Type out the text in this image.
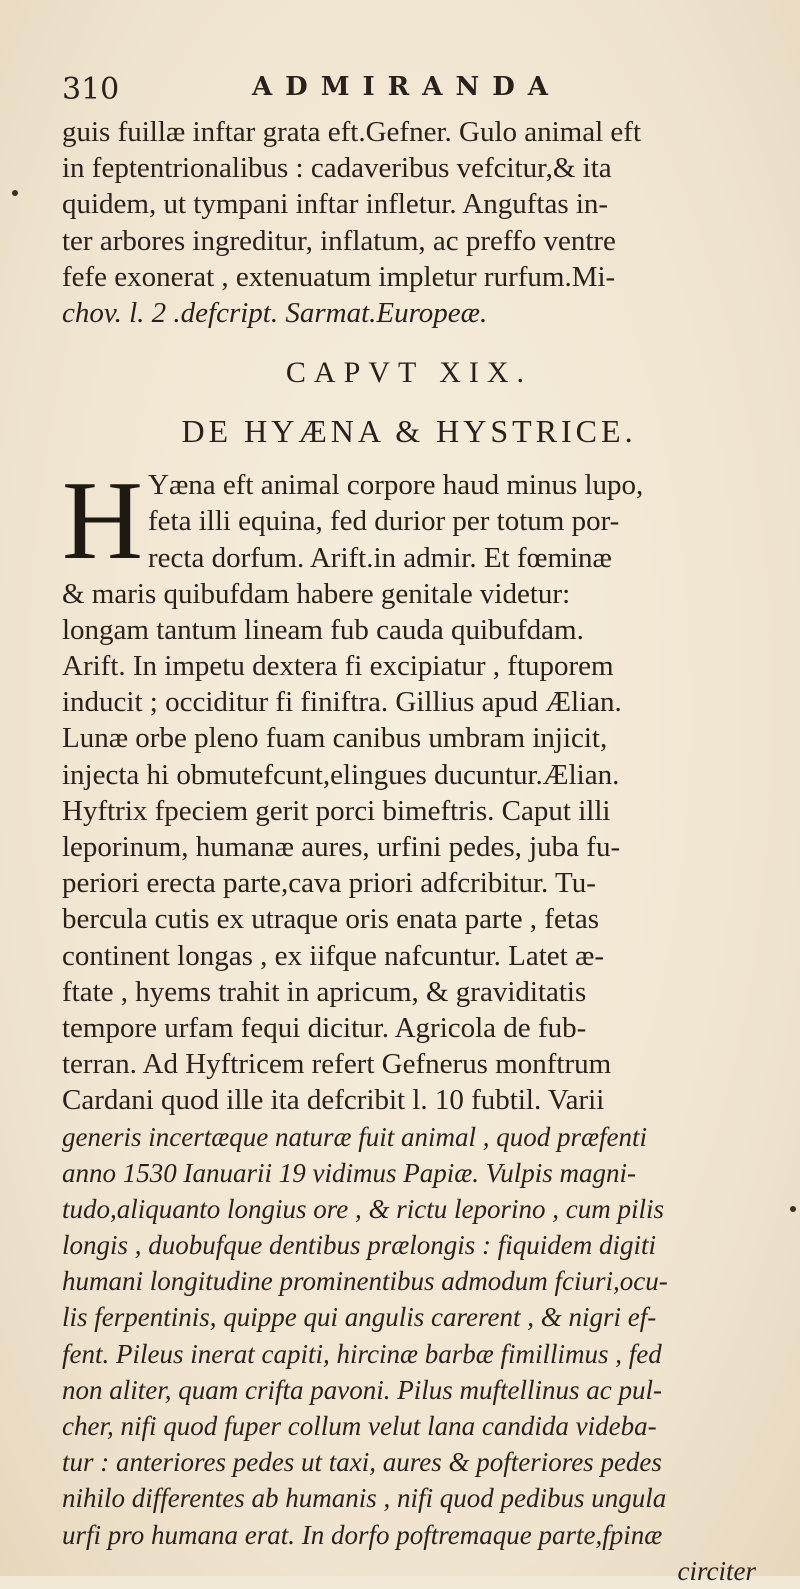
310	ADMIRANDA
guis fuillæ inftar grata eft.Gefner. Gulo animal eft
in feptentrionalibus : cadaveribus vefcitur,& ita
quidem, ut tympani inftar infletur. Anguftas in-
ter arbores ingreditur, inflatum, ac preffo ventre
fefe exonerat , extenuatum impletur rurfum.Mi-
chov. l. 2 .defcript. Sarmat.Europeæ.
CAPVT XIX.
DE HYÆNA & HYSTRICE.
H Yæna eft animal corpore haud minus lupo,
feta illi equina, fed durior per totum por-
recta dorfum. Arift.in admir. Et fœminæ
& maris quibufdam habere genitale videtur:
longam tantum lineam fub cauda quibufdam.
Arift. In impetu dextera fi excipiatur , ftuporem
inducit ; occiditur fi finiftra. Gillius apud Ælian.
Lunæ orbe pleno fuam canibus umbram injicit,
injecta hi obmutefcunt,elingues ducuntur.Ælian.
Hyftrix fpeciem gerit porci bimeftris. Caput illi
leporinum, humanæ aures, urfini pedes, juba fu-
periori erecta parte,cava priori adfcribitur. Tu-
bercula cutis ex utraque oris enata parte , fetas
continent longas , ex iifque nafcuntur. Latet æ-
ftate , hyems trahit in apricum, & graviditatis
tempore urfam fequi dicitur. Agricola de fub-
terran. Ad Hyftricem refert Gefnerus monftrum
Cardani quod ille ita defcribit l. 10 fubtil. Varii
generis incertæque naturæ fuit animal , quod præfenti
anno 1530 Ianuarii 19 vidimus Papiæ. Vulpis magni-
tudo,aliquanto longius ore , & rictu leporino , cum pilis
longis , duobufque dentibus prælongis : fiquidem digiti
humani longitudine prominentibus admodum fciuri,ocu-
lis ferpentinis, quippe qui angulis carerent , & nigri ef-
fent. Pileus inerat capiti, hircinæ barbæ fimillimus , fed
non aliter, quam crifta pavoni. Pilus muftellinus ac pul-
cher, nifi quod fuper collum velut lana candida videba-
tur : anteriores pedes ut taxi, aures & pofteriores pedes
nihilo differentes ab humanis , nifi quod pedibus ungula
urfi pro humana erat. In dorfo poftremaque parte,fpinæ
circiter
